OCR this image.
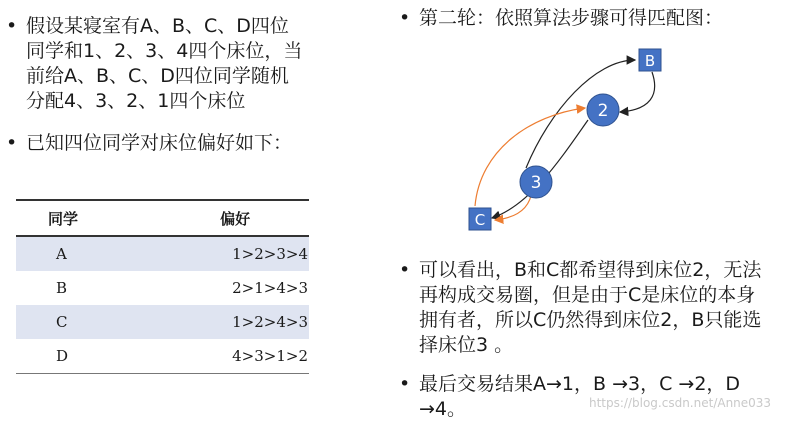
• 假设某寝室有A、B、C、D四位
同学和1、2、3、4四个床位，当
前给A、B、C、D四位同学随机
分配4、3、2、1四个床位
• 已知四位同学对床位偏好如下：
同学	偏好
A	1>2>3>4
B	2>1>4>3
C	1>2>4>3
D	4>3>1>2
• 第二轮：依照算法步骤可得匹配图：
B
2
3
C
• 可以看出，B和C都希望得到床位2，无法
再构成交易圈，但是由于C是床位的本身
拥有者，所以C仍然得到床位2，B只能选
择床位3 。
• 最后交易结果A→1，B →3，C →2，D
→4。	https://blog.csdn.net/Anne033
